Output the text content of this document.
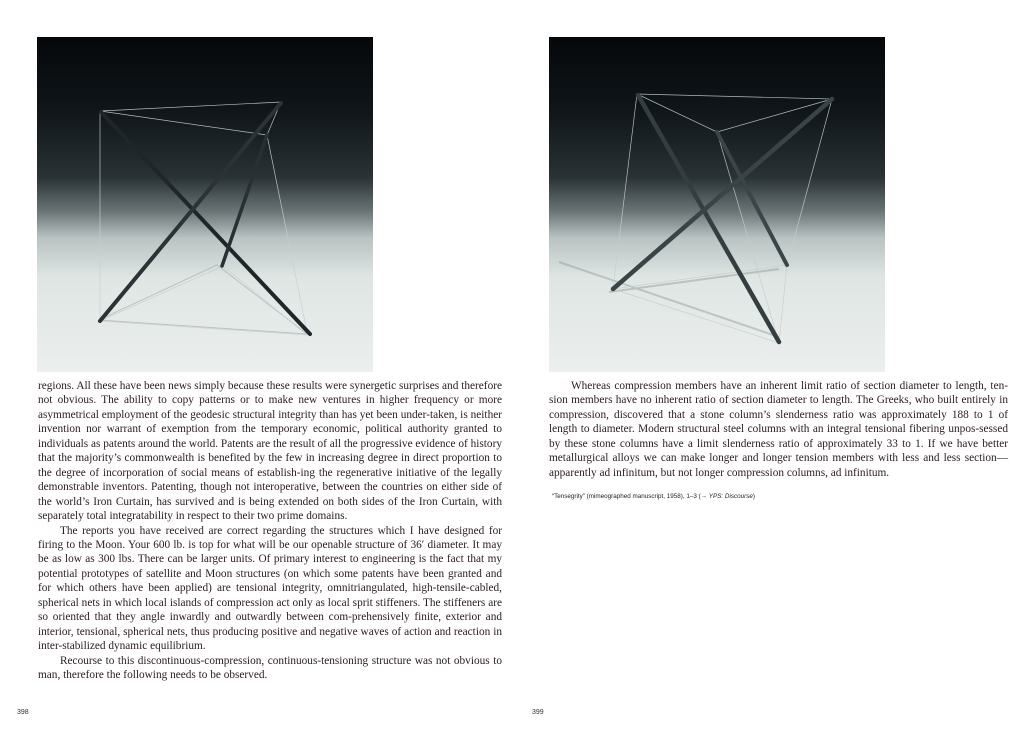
regions. All these have been news simply because these results were synergetic surprises and therefore not obvious. The ability to copy patterns or to make new ventures in higher frequency or more asymmetrical employment of the geodesic structural integrity than has yet been under-taken, is neither invention nor warrant of exemption from the temporary economic, political authority granted to individuals as patents around the world. Patents are the result of all the progressive evidence of history that the majority’s commonwealth is benefited by the few in increasing degree in direct proportion to the degree of incorporation of social means of establish-ing the regenerative initiative of the legally demonstrable inventors. Patenting, though not interoperative, between the countries on either side of the world’s Iron Curtain, has survived and is being extended on both sides of the Iron Curtain, with separately total integratability in respect to their two prime domains.

The reports you have received are correct regarding the structures which I have designed for firing to the Moon. Your 600 lb. is top for what will be our openable structure of 36′ diameter. It may be as low as 300 lbs. There can be larger units. Of primary interest to engineering is the fact that my potential prototypes of satellite and Moon structures (on which some patents have been granted and for which others have been applied) are tensional integrity, omnitriangulated, high-tensile-cabled, spherical nets in which local islands of compression act only as local sprit stiffeners. The stiffeners are so oriented that they angle inwardly and outwardly between com-prehensively finite, exterior and interior, tensional, spherical nets, thus producing positive and negative waves of action and reaction in inter-stabilized dynamic equilibrium.

Recourse to this discontinuous-compression, continuous-tensioning structure was not obvious to man, therefore the following needs to be observed.

398

Whereas compression members have an inherent limit ratio of section diameter to length, ten-sion members have no inherent ratio of section diameter to length. The Greeks, who built entirely in compression, discovered that a stone column’s slenderness ratio was approximately 188 to 1 of length to diameter. Modern structural steel columns with an integral tensional fibering unpos-sessed by these stone columns have a limit slenderness ratio of approximately 33 to 1. If we have better metallurgical alloys we can make longer and longer tension members with less and less section—apparently ad infinitum, but not longer compression columns, ad infinitum.

“Tensegrity” (mimeographed manuscript, 1958), 1–3 (→ YPS: Discourse)
399
